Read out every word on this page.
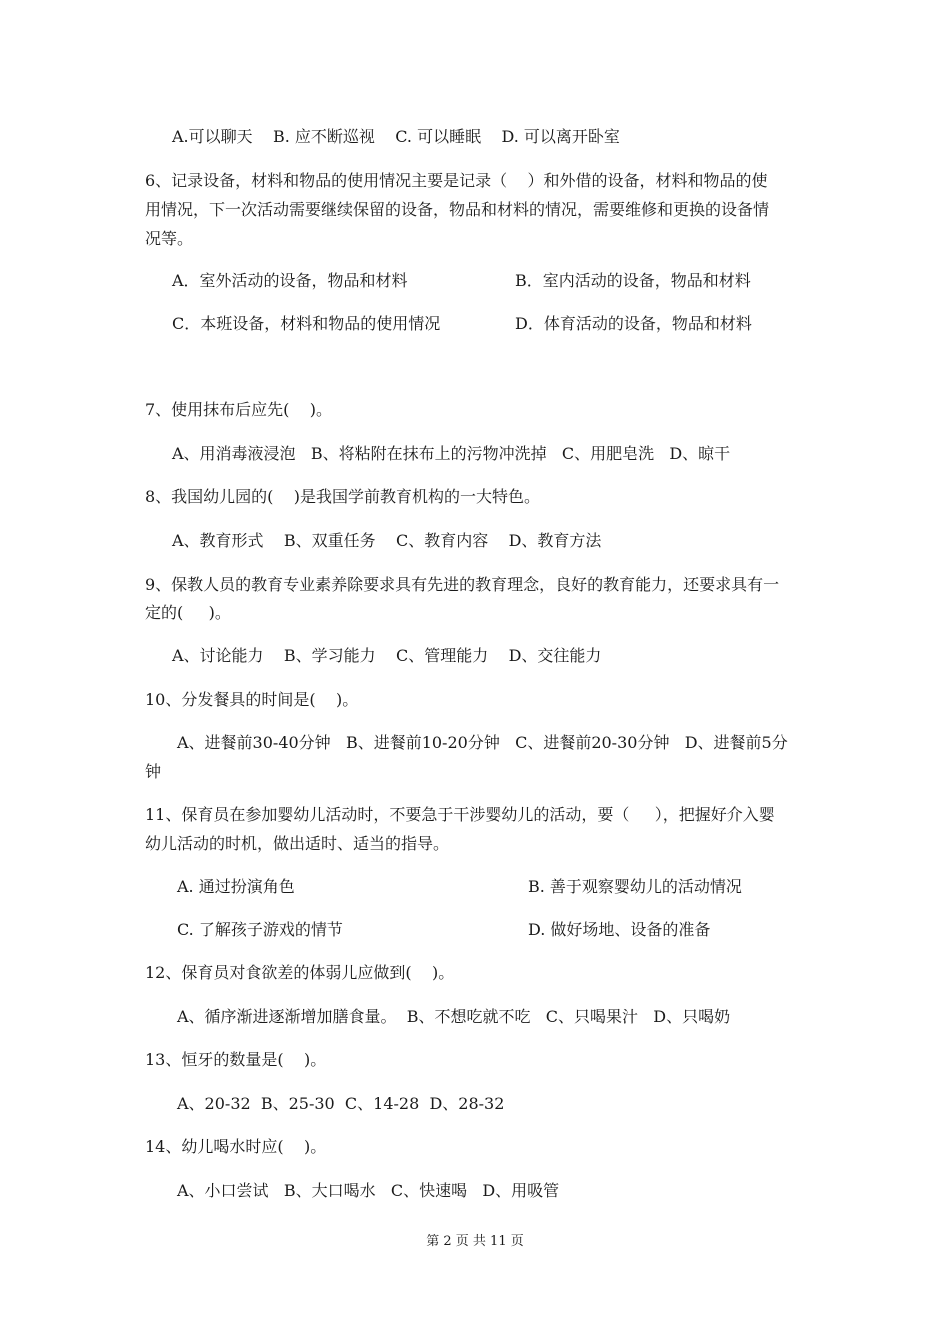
A.可以聊天    B. 应不断巡视    C. 可以睡眠    D. 可以离开卧室
6、记录设备，材料和物品的使用情况主要是记录（    ）和外借的设备，材料和物品的使
用情况，下一次活动需要继续保留的设备，物品和材料的情况，需要维修和更换的设备情
况等。
A．室外活动的设备，物品和材料	B．室内活动的设备，物品和材料
C．本班设备，材料和物品的使用情况	D．体育活动的设备，物品和材料
7、使用抹布后应先(    )。
A、用消毒液浸泡   B、将粘附在抹布上的污物冲洗掉   C、用肥皂洗   D、晾干
8、我国幼儿园的(    )是我国学前教育机构的一大特色。
A、教育形式    B、双重任务    C、教育内容    D、教育方法
9、保教人员的教育专业素养除要求具有先进的教育理念，良好的教育能力，还要求具有一
定的(     )。
A、讨论能力    B、学习能力    C、管理能力    D、交往能力
10、分发餐具的时间是(    )。
A、进餐前30-40分钟   B、进餐前10-20分钟   C、进餐前20-30分钟   D、进餐前5分
钟
11、保育员在参加婴幼儿活动时，不要急于干涉婴幼儿的活动，要（     ），把握好介入婴
幼儿活动的时机，做出适时、适当的指导。
A. 通过扮演角色	B. 善于观察婴幼儿的活动情况
C. 了解孩子游戏的情节	D. 做好场地、设备的准备
12、保育员对食欲差的体弱儿应做到(    )。
A、循序渐进逐渐增加膳食量。  B、不想吃就不吃   C、只喝果汁   D、只喝奶
13、恒牙的数量是(    )。
A、20-32  B、25-30  C、14-28  D、28-32
14、幼儿喝水时应(    )。
A、小口尝试   B、大口喝水   C、快速喝   D、用吸管
第 2 页 共 11 页
